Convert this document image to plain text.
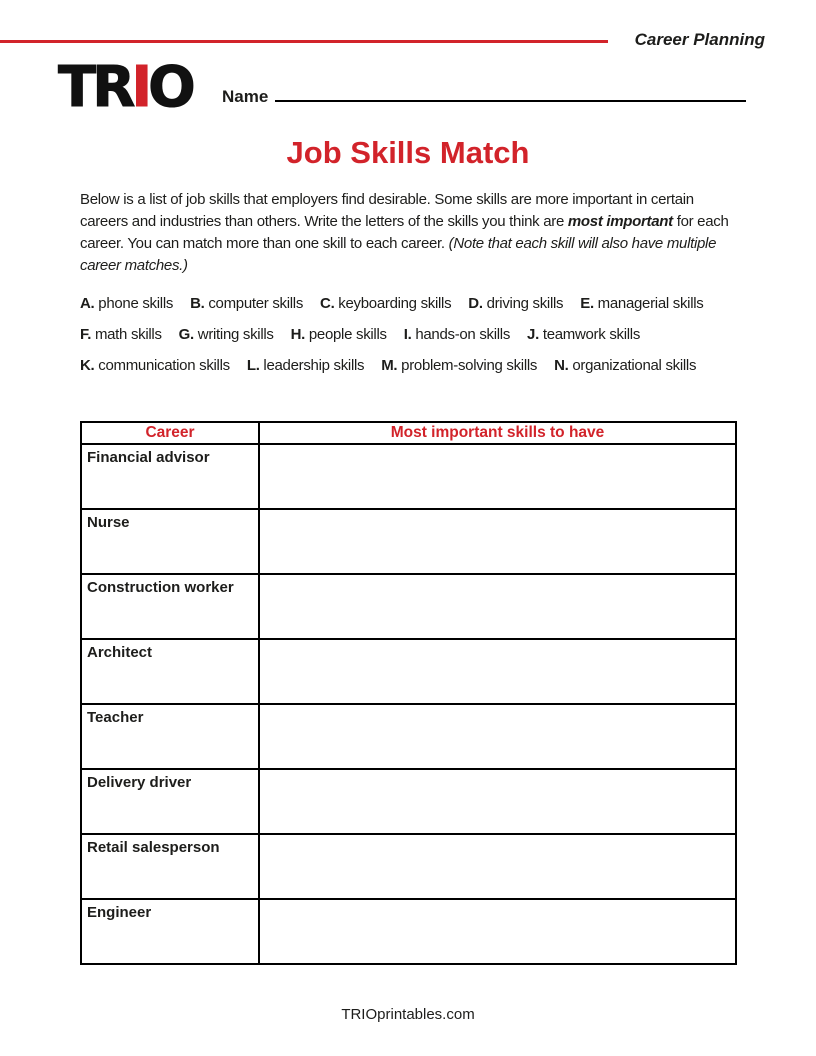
Career Planning
TRIO Name
Job Skills Match

Below is a list of job skills that employers find desirable. Some skills are more important in certain careers and industries than others. Write the letters of the skills you think are most important for each career. You can match more than one skill to each career. (Note that each skill will also have multiple career matches.)

A. phone skills B. computer skills C. keyboarding skills D. driving skills E. managerial skills
F. math skills G. writing skills H. people skills I. hands-on skills J. teamwork skills
K. communication skills L. leadership skills M. problem-solving skills N. organizational skills
Career	Most important skills to have
Financial advisor	
Nurse	
Construction worker	
Architect	
Teacher	
Delivery driver	
Retail salesperson	
Engineer	
TRIOprintables.com
